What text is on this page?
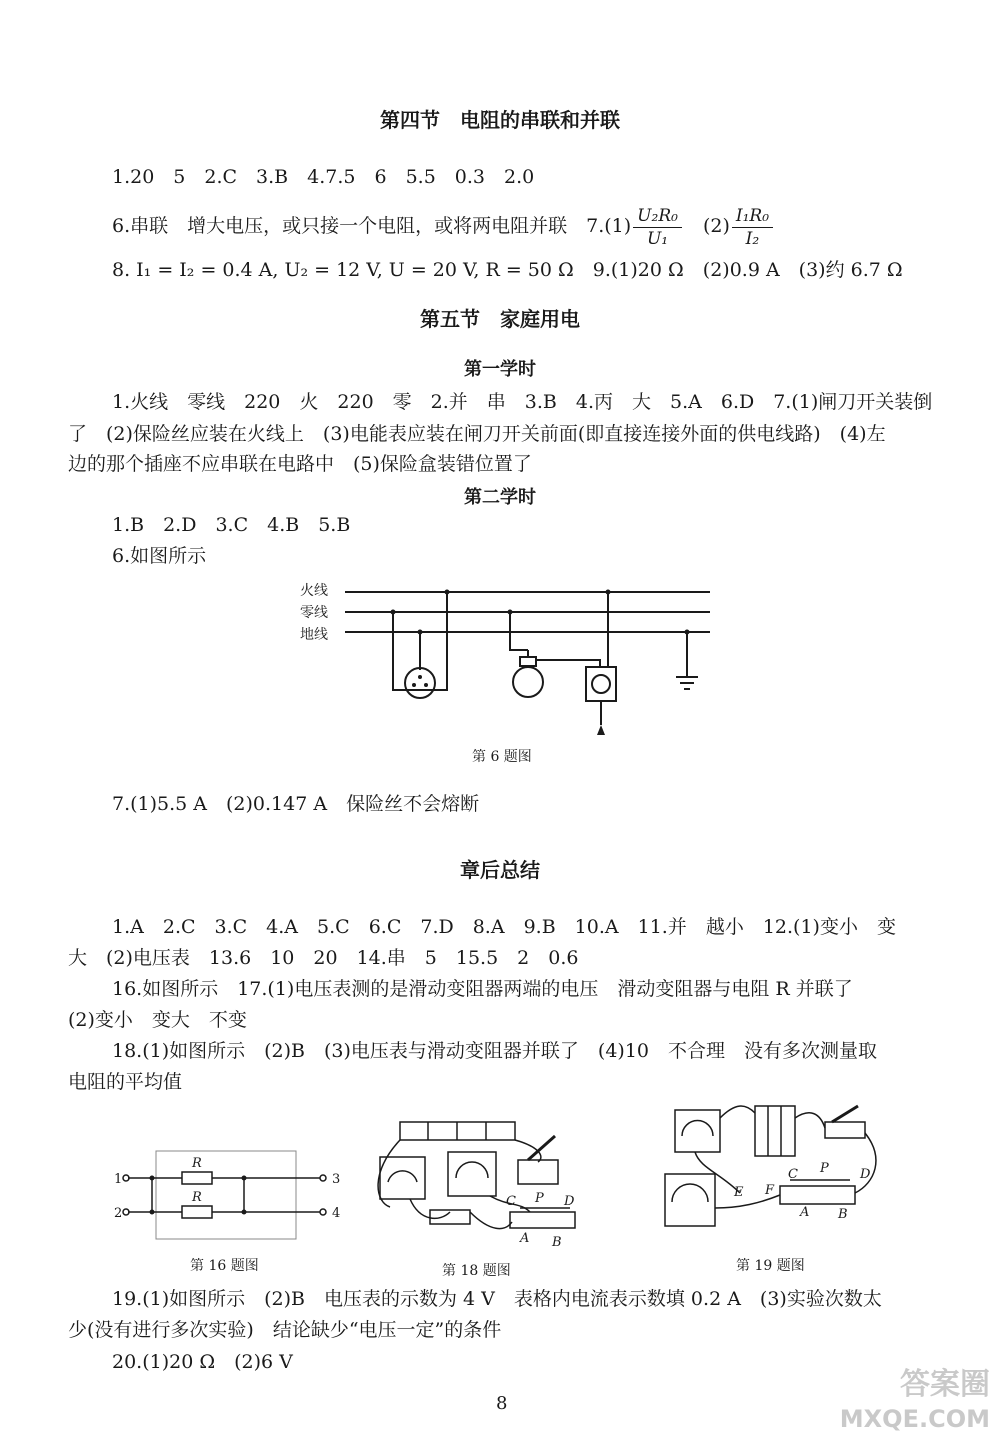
第四节　电阻的串联和并联
1.20　5　2.C　3.B　4.7.5　6　5.5　0.3　2.0
6.串联　增大电压，或只接一个电阻，或将两电阻并联　$7.(1) \frac{\text{U₂R₀}}{\text{U₁}}$ 　$(2) \frac{\text{I₁R₀}}{\text{I₂}}$
8. I₁ = I₂ = 0.4 A, U₂ = 12 V, U = 20 V, R = 50 Ω　9.(1)20 Ω　(2)0.9 A　(3)约 6.7 Ω
第五节　家庭用电
第一学时
1.火线　零线　220　火　220　零　2.并　串　3.B　4.丙　大　5.A　6.D　7.(1)闸刀开关装倒
了　(2)保险丝应装在火线上　(3)电能表应装在闸刀开关前面(即直接连接外面的供电线路)　(4)左
边的那个插座不应串联在电路中　(5)保险盒装错位置了
第二学时
1.B　2.D　3.C　4.B　5.B
6.如图所示
火线
零线
地线
第 6 题图
7.(1)5.5 A　(2)0.147 A　保险丝不会熔断
章后总结
1.A　2.C　3.C　4.A　5.C　6.C　7.D　8.A　9.B　10.A　11.并　越小　12.(1)变小　变
大　(2)电压表　13.6　10　20　14.串　5　15.5　2　0.6
16.如图所示　17.(1)电压表测的是滑动变阻器两端的电压　滑动变阻器与电阻 R 并联了
(2)变小　变大　不变
18.(1)如图所示　(2)B　(3)电压表与滑动变阻器并联了　(4)10　不合理　没有多次测量取
电阻的平均值
1
2
3
4
R
R
第 16 题图
C P D
A B
第 18 题图
C P D
A B
E F
第 19 题图
19.(1)如图所示　(2)B　电压表的示数为 4 V　表格内电流表示数填 0.2 A　(3)实验次数太
少(没有进行多次实验)　结论缺少“电压一定”的条件
20.(1)20 Ω　(2)6 V
8
答案圈
MXQE.COM
